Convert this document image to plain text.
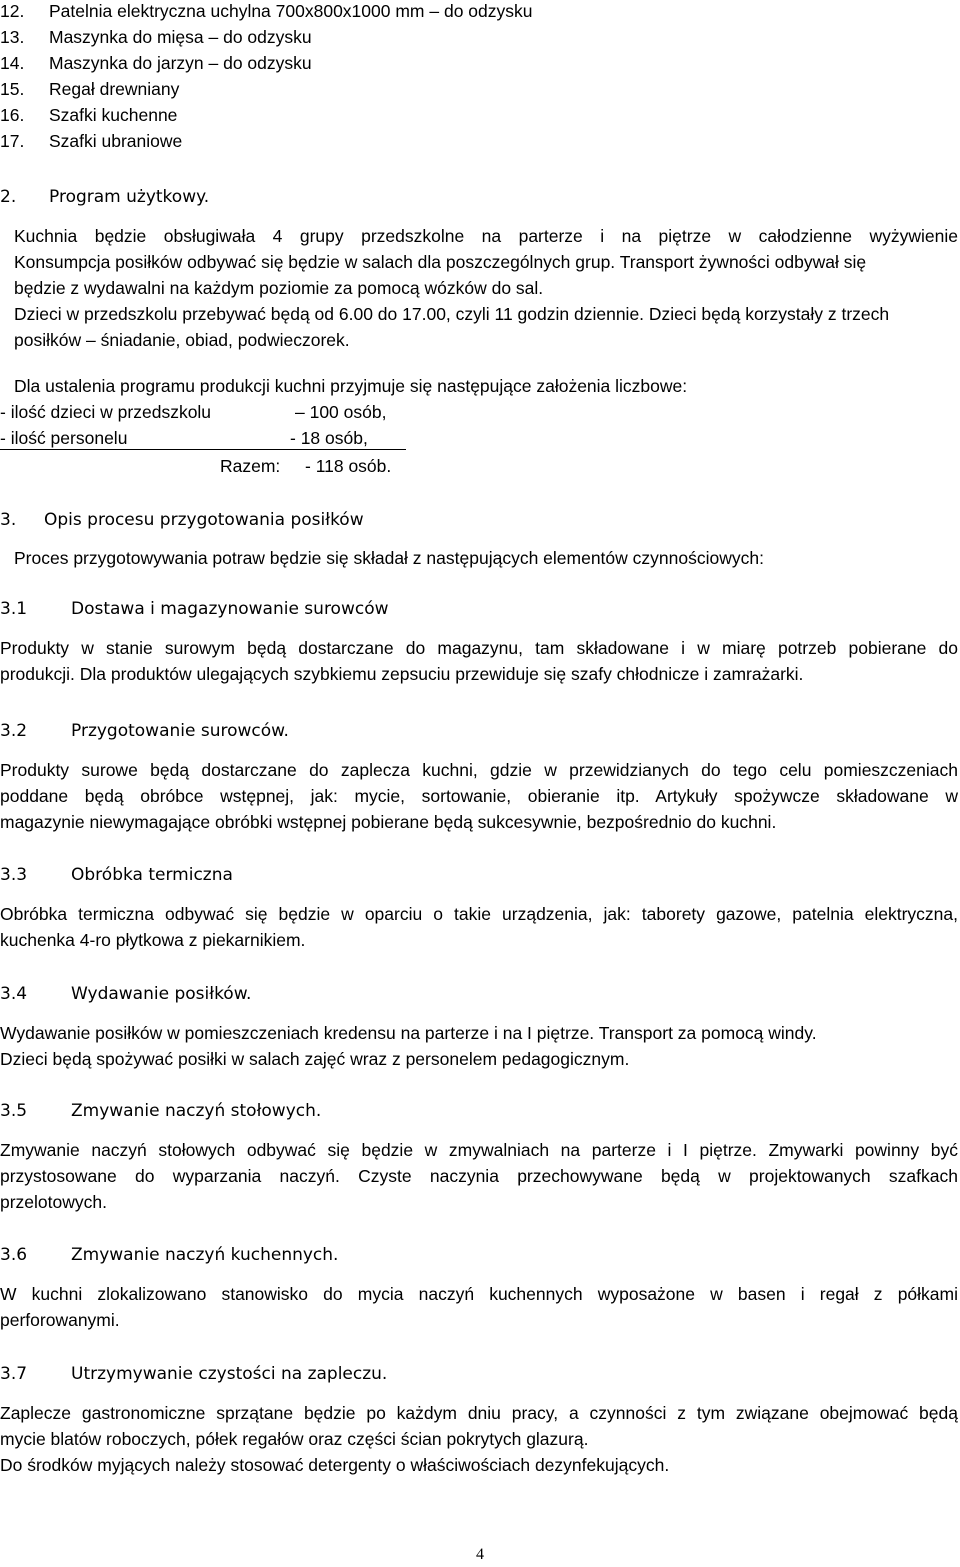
12. Patelnia elektryczna uchylna 700x800x1000 mm – do odzysku
13. Maszynka do mięsa – do odzysku
14. Maszynka do jarzyn – do odzysku
15. Regał drewniany
16. Szafki kuchenne
17. Szafki ubraniowe
2. Program użytkowy.
Kuchnia będzie obsługiwała 4 grupy przedszkolne na parterze i na piętrze w całodzienne wyżywienie
Konsumpcja posiłków odbywać się będzie w salach dla poszczególnych grup. Transport żywności odbywał się
będzie z wydawalni na każdym poziomie za pomocą wózków do sal.
Dzieci w przedszkolu przebywać będą od 6.00 do 17.00, czyli 11 godzin dziennie. Dzieci będą korzystały z trzech
posiłków – śniadanie, obiad, podwieczorek.
Dla ustalenia programu produkcji kuchni przyjmuje się następujące założenia liczbowe:
- ilość dzieci w przedszkolu	– 100 osób,
- ilość personelu	- 18 osób,
Razem: - 118 osób.
3. Opis procesu przygotowania posiłków
Proces przygotowywania potraw będzie się składał z następujących elementów czynnościowych:
3.1	Dostawa i magazynowanie surowców
Produkty w stanie surowym będą dostarczane do magazynu, tam składowane i w miarę potrzeb pobierane do
produkcji. Dla produktów ulegających szybkiemu zepsuciu przewiduje się szafy chłodnicze i zamrażarki.
3.2	Przygotowanie surowców.
Produkty surowe będą dostarczane do zaplecza kuchni, gdzie w przewidzianych do tego celu pomieszczeniach
poddane będą obróbce wstępnej, jak: mycie, sortowanie, obieranie itp. Artykuły spożywcze składowane w
magazynie niewymagające obróbki wstępnej pobierane będą sukcesywnie, bezpośrednio do kuchni.
3.3	Obróbka termiczna
Obróbka termiczna odbywać się będzie w oparciu o takie urządzenia, jak: taborety gazowe, patelnia elektryczna,
kuchenka 4-ro płytkowa z piekarnikiem.
3.4	Wydawanie posiłków.
Wydawanie posiłków w pomieszczeniach kredensu na parterze i na I piętrze. Transport za pomocą windy.
Dzieci będą spożywać posiłki w salach zajęć wraz z personelem pedagogicznym.
3.5	Zmywanie naczyń stołowych.
Zmywanie naczyń stołowych odbywać się będzie w zmywalniach na parterze i I piętrze. Zmywarki powinny być
przystosowane do wyparzania naczyń. Czyste naczynia przechowywane będą w projektowanych szafkach
przelotowych.
3.6	Zmywanie naczyń kuchennych.
W kuchni zlokalizowano stanowisko do mycia naczyń kuchennych wyposażone w basen i regał z półkami
perforowanymi.
3.7	Utrzymywanie czystości na zapleczu.
Zaplecze gastronomiczne sprzątane będzie po każdym dniu pracy, a czynności z tym związane obejmować będą
mycie blatów roboczych, półek regałów oraz części ścian pokrytych glazurą.
Do środków myjących należy stosować detergenty o właściwościach dezynfekujących.
4
